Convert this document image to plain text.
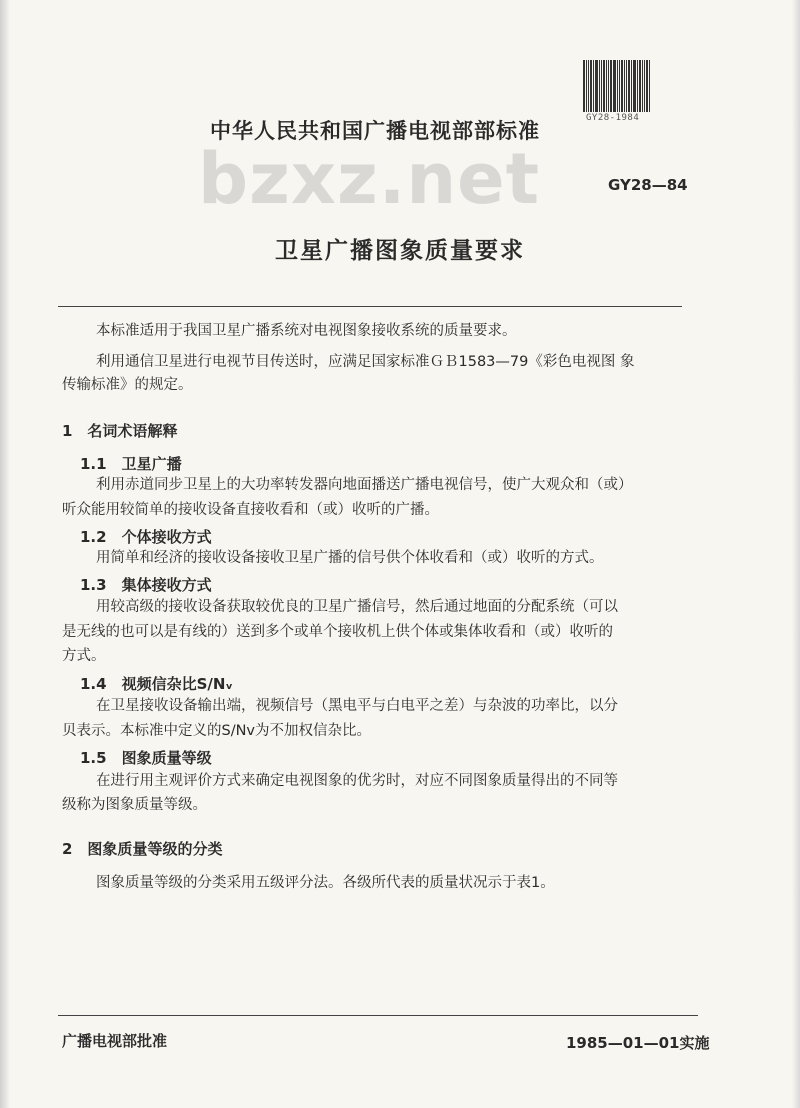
GY28-1984
中华人民共和国广播电视部部标准
bzxz.net	GY28—84
卫星广播图象质量要求
本标准适用于我国卫星广播系统对电视图象接收系统的质量要求。
利用通信卫星进行电视节目传送时，应满足国家标准ＧＢ1583—79《彩色电视图 象
传输标准》的规定。
1　名词术语解释
1.1　卫星广播
利用赤道同步卫星上的大功率转发器向地面播送广播电视信号，使广大观众和（或）
听众能用较简单的接收设备直接收看和（或）收听的广播。
1.2　个体接收方式
用简单和经济的接收设备接收卫星广播的信号供个体收看和（或）收听的方式。
1.3　集体接收方式
用较高级的接收设备获取较优良的卫星广播信号，然后通过地面的分配系统（可以
是无线的也可以是有线的）送到多个或单个接收机上供个体或集体收看和（或）收听的
方式。
1.4　视频信杂比S/Nᵥ
在卫星接收设备输出端，视频信号（黑电平与白电平之差）与杂波的功率比，以分
贝表示。本标准中定义的S/Nv为不加权信杂比。
1.5　图象质量等级
在进行用主观评价方式来确定电视图象的优劣时，对应不同图象质量得出的不同等
级称为图象质量等级。
2　图象质量等级的分类
图象质量等级的分类采用五级评分法。各级所代表的质量状况示于表1。
广播电视部批准	1985—01—01实施
